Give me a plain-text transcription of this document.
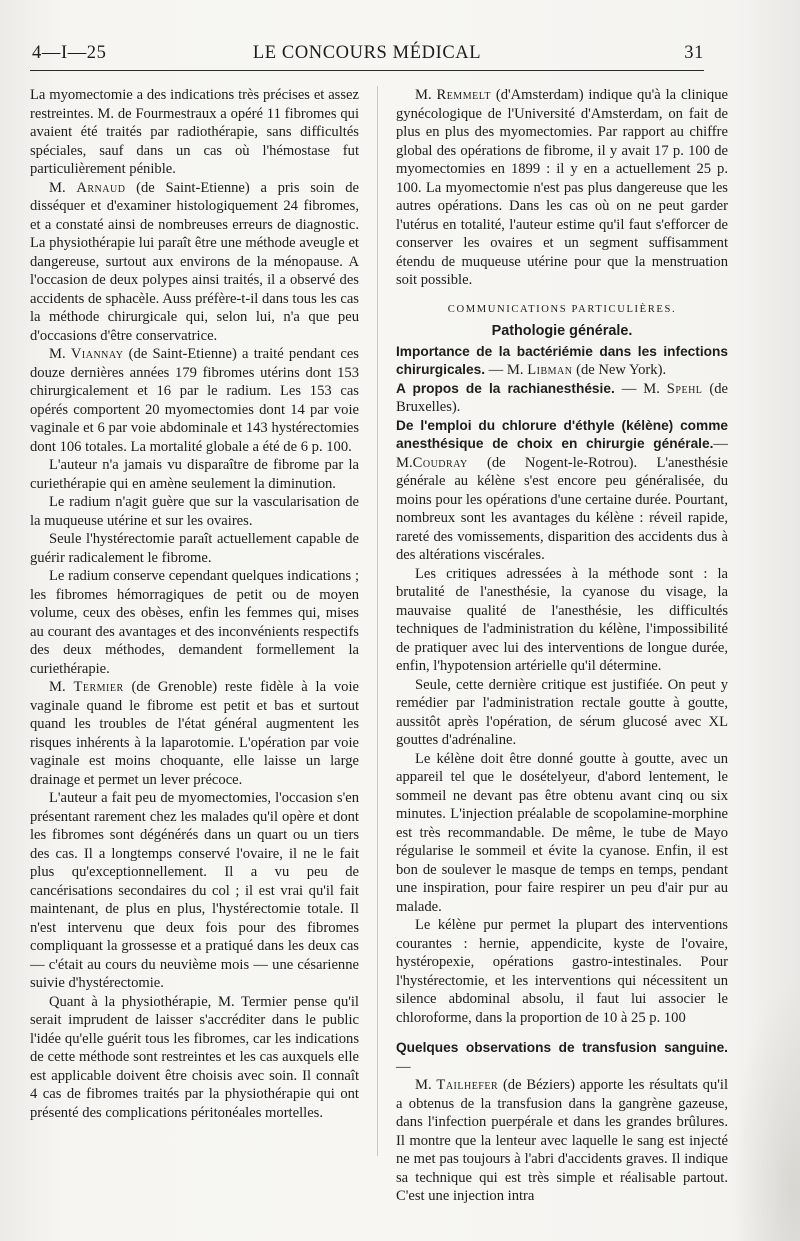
4—I—25	LE CONCOURS MÉDICAL	31

La myomectomie a des indications très précises et assez restreintes. M. de Fourmestraux a opéré 11 fibromes qui avaient été traités par radiothérapie, sans difficultés spéciales, sauf dans un cas où l'hémostase fut particulièrement pénible.

M. Arnaud (de Saint-Etienne) a pris soin de disséquer et d'examiner histologiquement 24 fibromes, et a constaté ainsi de nombreuses erreurs de diagnostic. La physiothérapie lui paraît être une méthode aveugle et dangereuse, surtout aux environs de la ménopause. A l'occasion de deux polypes ainsi traités, il a observé des accidents de sphacèle. Auss préfère-t-il dans tous les cas la méthode chirurgicale qui, selon lui, n'a que peu d'occasions d'être conservatrice.

M. Viannay (de Saint-Etienne) a traité pendant ces douze dernières années 179 fibromes utérins dont 153 chirurgicalement et 16 par le radium. Les 153 cas opérés comportent 20 myomectomies dont 14 par voie vaginale et 6 par voie abdominale et 143 hystérectomies dont 106 totales. La mortalité globale a été de 6 p. 100.

L'auteur n'a jamais vu disparaître de fibrome par la curiethérapie qui en amène seulement la diminution.

Le radium n'agit guère que sur la vascularisation de la muqueuse utérine et sur les ovaires.

Seule l'hystérectomie paraît actuellement capable de guérir radicalement le fibrome.

Le radium conserve cependant quelques indications ; les fibromes hémorragiques de petit ou de moyen volume, ceux des obèses, enfin les femmes qui, mises au courant des avantages et des inconvénients respectifs des deux méthodes, demandent formellement la curiethérapie.

M. Termier (de Grenoble) reste fidèle à la voie vaginale quand le fibrome est petit et bas et surtout quand les troubles de l'état général augmentent les risques inhérents à la laparotomie. L'opération par voie vaginale est moins choquante, elle laisse un large drainage et permet un lever précoce.

L'auteur a fait peu de myomectomies, l'occasion s'en présentant rarement chez les malades qu'il opère et dont les fibromes sont dégénérés dans un quart ou un tiers des cas. Il a longtemps conservé l'ovaire, il ne le fait plus qu'exceptionnellement. Il a vu peu de cancérisations secondaires du col ; il est vrai qu'il fait maintenant, de plus en plus, l'hystérectomie totale. Il n'est intervenu que deux fois pour des fibromes compliquant la grossesse et a pratiqué dans les deux cas — c'était au cours du neuvième mois — une césarienne suivie d'hystérectomie.

Quant à la physiothérapie, M. Termier pense qu'il serait imprudent de laisser s'accréditer dans le public l'idée qu'elle guérit tous les fibromes, car les indications de cette méthode sont restreintes et les cas auxquels elle est applicable doivent être choisis avec soin. Il connaît 4 cas de fibromes traités par la physiothérapie qui ont présenté des complications péritonéales mortelles.

M. Remmelt (d'Amsterdam) indique qu'à la clinique gynécologique de l'Université d'Amsterdam, on fait de plus en plus des myomectomies. Par rapport au chiffre global des opérations de fibrome, il y avait 17 p. 100 de myomectomies en 1899 : il y en a actuellement 25 p. 100. La myomectomie n'est pas plus dangereuse que les autres opérations. Dans les cas où on ne peut garder l'utérus en totalité, l'auteur estime qu'il faut s'efforcer de conserver les ovaires et un segment suffisamment étendu de muqueuse utérine pour que la menstruation soit possible.

COMMUNICATIONS PARTICULIÈRES.

Pathologie générale.

Importance de la bactériémie dans les infections chirurgicales. — M. Libman (de New York).

A propos de la rachianesthésie. — M. Spehl (de Bruxelles).

De l'emploi du chlorure d'éthyle (kélène) comme anesthésique de choix en chirurgie générale.—M.Coudray (de Nogent-le-Rotrou). L'anesthésie générale au kélène s'est encore peu généralisée, du moins pour les opérations d'une certaine durée. Pourtant, nombreux sont les avantages du kélène : réveil rapide, rareté des vomissements, disparition des accidents dus à des altérations viscérales.

Les critiques adressées à la méthode sont : la brutalité de l'anesthésie, la cyanose du visage, la mauvaise qualité de l'anesthésie, les difficultés techniques de l'administration du kélène, l'impossibilité de pratiquer avec lui des interventions de longue durée, enfin, l'hypotension artérielle qu'il détermine.

Seule, cette dernière critique est justifiée. On peut y remédier par l'administration rectale goutte à goutte, aussitôt après l'opération, de sérum glucosé avec XL gouttes d'adrénaline.

Le kélène doit être donné goutte à goutte, avec un appareil tel que le dosételyeur, d'abord lentement, le sommeil ne devant pas être obtenu avant cinq ou six minutes. L'injection préalable de scopolamine-morphine est très recommandable. De même, le tube de Mayo régularise le sommeil et évite la cyanose. Enfin, il est bon de soulever le masque de temps en temps, pendant une inspiration, pour faire respirer un peu d'air pur au malade.

Le kélène pur permet la plupart des interventions courantes : hernie, appendicite, kyste de l'ovaire, hystéropexie, opérations gastro-intestinales. Pour l'hystérectomie, et les interventions qui nécessitent un silence abdominal absolu, il faut lui associer le chloroforme, dans la proportion de 10 à 25 p. 100

Quelques observations de transfusion sanguine. —

M. Tailhefer (de Béziers) apporte les résultats qu'il a obtenus de la transfusion dans la gangrène gazeuse, dans l'infection puerpérale et dans les grandes brûlures. Il montre que la lenteur avec laquelle le sang est injecté ne met pas toujours à l'abri d'accidents graves. Il indique sa technique qui est très simple et réalisable partout. C'est une injection intra
